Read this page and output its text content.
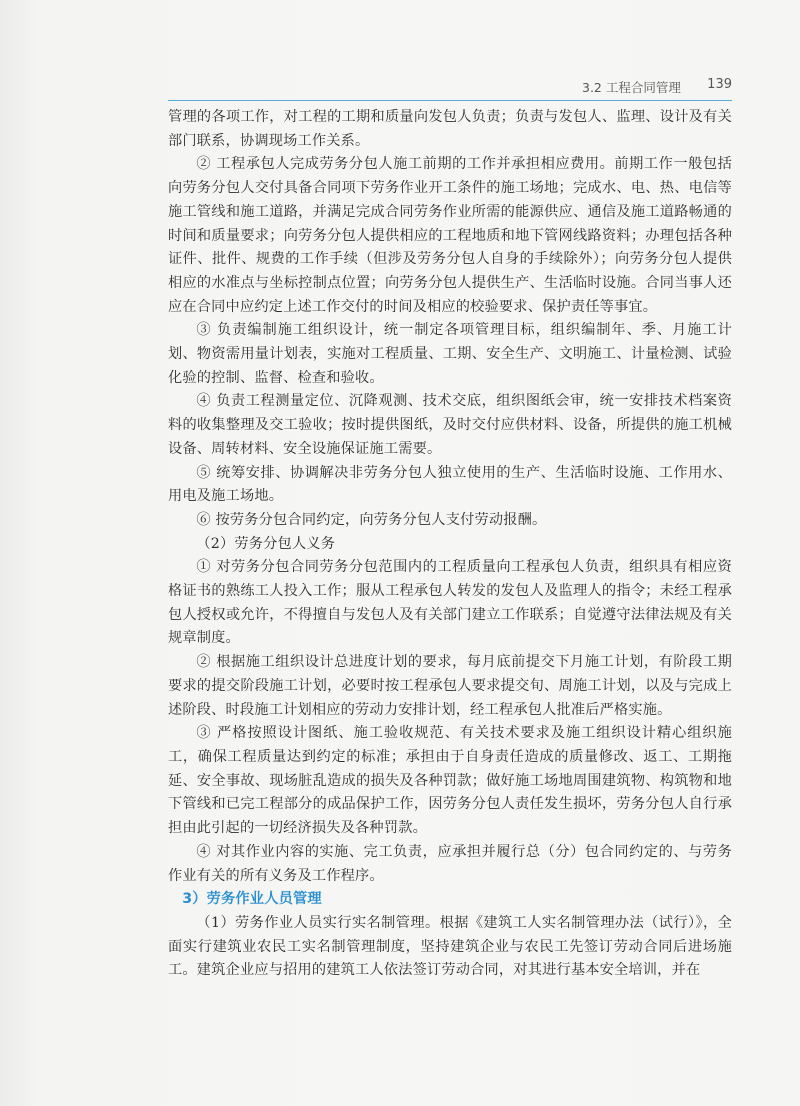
3.2 工程合同管理 139

管理的各项工作，对工程的工期和质量向发包人负责；负责与发包人、监理、设计及有关部门联系，协调现场工作关系。

② 工程承包人完成劳务分包人施工前期的工作并承担相应费用。前期工作一般包括向劳务分包人交付具备合同项下劳务作业开工条件的施工场地；完成水、电、热、电信等施工管线和施工道路，并满足完成合同劳务作业所需的能源供应、通信及施工道路畅通的时间和质量要求；向劳务分包人提供相应的工程地质和地下管网线路资料；办理包括各种证件、批件、规费的工作手续（但涉及劳务分包人自身的手续除外）；向劳务分包人提供相应的水准点与坐标控制点位置；向劳务分包人提供生产、生活临时设施。合同当事人还应在合同中应约定上述工作交付的时间及相应的校验要求、保护责任等事宜。

③ 负责编制施工组织设计，统一制定各项管理目标，组织编制年、季、月施工计划、物资需用量计划表，实施对工程质量、工期、安全生产、文明施工、计量检测、试验化验的控制、监督、检查和验收。

④ 负责工程测量定位、沉降观测、技术交底，组织图纸会审，统一安排技术档案资料的收集整理及交工验收；按时提供图纸，及时交付应供材料、设备，所提供的施工机械设备、周转材料、安全设施保证施工需要。

⑤ 统筹安排、协调解决非劳务分包人独立使用的生产、生活临时设施、工作用水、用电及施工场地。

⑥ 按劳务分包合同约定，向劳务分包人支付劳动报酬。

（2）劳务分包人义务

① 对劳务分包合同劳务分包范围内的工程质量向工程承包人负责，组织具有相应资格证书的熟练工人投入工作；服从工程承包人转发的发包人及监理人的指令；未经工程承包人授权或允许，不得擅自与发包人及有关部门建立工作联系；自觉遵守法律法规及有关规章制度。

② 根据施工组织设计总进度计划的要求，每月底前提交下月施工计划，有阶段工期要求的提交阶段施工计划，必要时按工程承包人要求提交旬、周施工计划，以及与完成上述阶段、时段施工计划相应的劳动力安排计划，经工程承包人批准后严格实施。

③ 严格按照设计图纸、施工验收规范、有关技术要求及施工组织设计精心组织施工，确保工程质量达到约定的标准；承担由于自身责任造成的质量修改、返工、工期拖延、安全事故、现场脏乱造成的损失及各种罚款；做好施工场地周围建筑物、构筑物和地下管线和已完工程部分的成品保护工作，因劳务分包人责任发生损坏，劳务分包人自行承担由此引起的一切经济损失及各种罚款。

④ 对其作业内容的实施、完工负责，应承担并履行总（分）包合同约定的、与劳务作业有关的所有义务及工作程序。

3）劳务作业人员管理

（1）劳务作业人员实行实名制管理。根据《建筑工人实名制管理办法（试行）》，全面实行建筑业农民工实名制管理制度，坚持建筑企业与农民工先签订劳动合同后进场施工。建筑企业应与招用的建筑工人依法签订劳动合同，对其进行基本安全培训，并在
